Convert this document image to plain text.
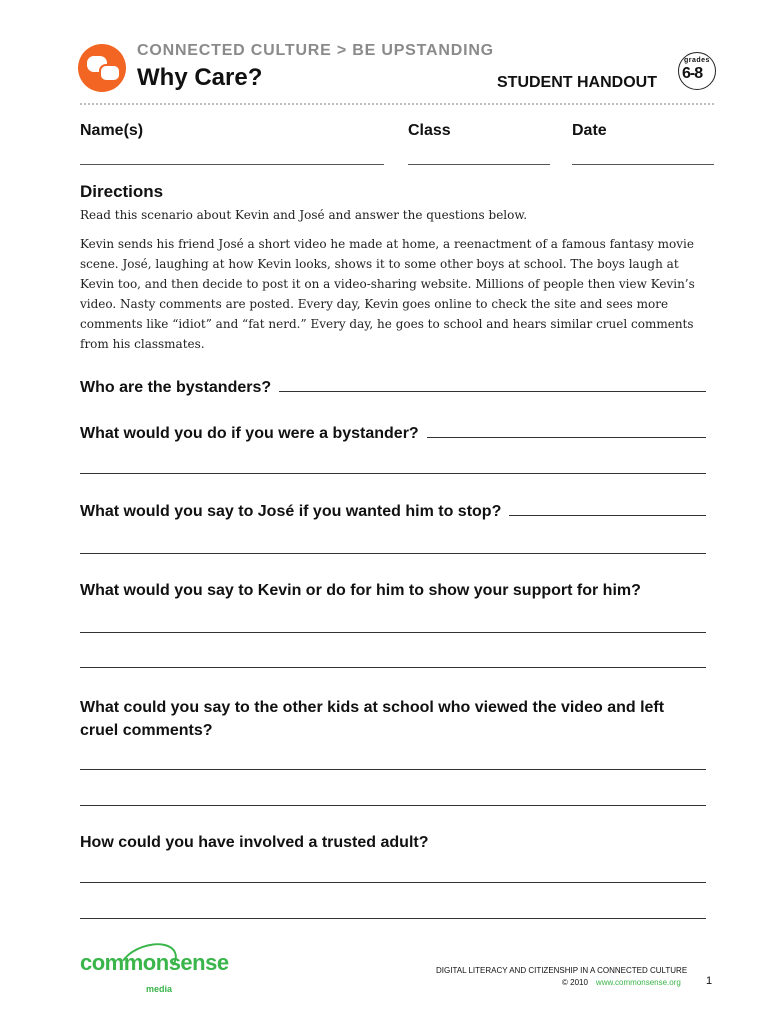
CONNECTED CULTURE > BE UPSTANDING
Why Care?	STUDENT HANDOUT
grades
6-8
Name(s)	Class	Date
Directions
Read this scenario about Kevin and José and answer the questions below.
Kevin sends his friend José a short video he made at home, a reenactment of a famous fantasy movie scene. José, laughing at how Kevin looks, shows it to some other boys at school. The boys laugh at Kevin too, and then decide to post it on a video-sharing website. Millions of people then view Kevin’s video. Nasty comments are posted. Every day, Kevin goes online to check the site and sees more comments like “idiot” and “fat nerd.” Every day, he goes to school and hears similar cruel comments from his classmates.
Who are the bystanders?
What would you do if you were a bystander?
What would you say to José if you wanted him to stop?
What would you say to Kevin or do for him to show your support for him?
What could you say to the other kids at school who viewed the video and left cruel comments?
How could you have involved a trusted adult?
commonsense
media
DIGITAL LITERACY AND CITIZENSHIP IN A CONNECTED CULTURE
© 2010 www.commonsense.org 1
